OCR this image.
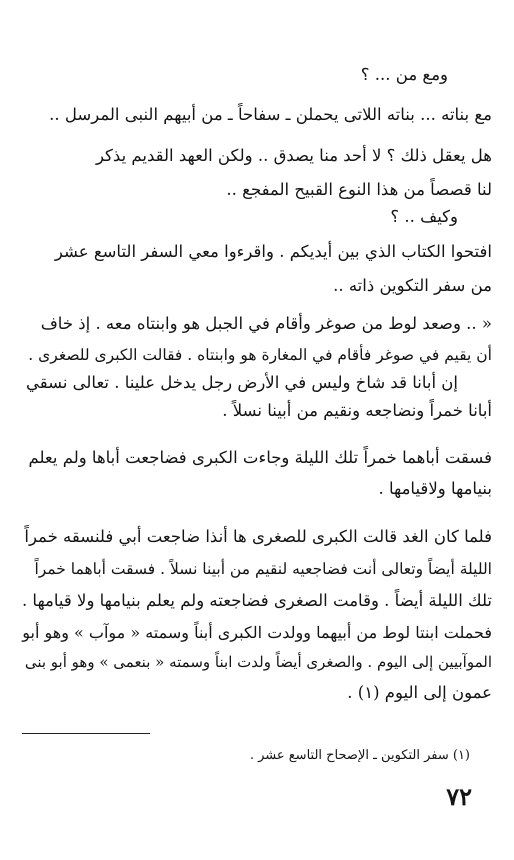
ومع من ... ؟
مع بناته ... بناته اللاتى يحملن ـ سفاحاً ـ من أبيهم النبى المرسل ..
هل يعقل ذلك ؟ لا أحد منا يصدق .. ولكن العهد القديم يذكر
لنا قصصاً من هذا النوع القبيح المفجع ..
وكيف .. ؟
افتحوا الكتاب الذي بين أيديكم . واقرءوا معي السفر التاسع عشر
من سفر التكوين ذاته ..
« .. وصعد لوط من صوغر وأقام في الجبل هو وابنتاه معه . إذ خاف
أن يقيم في صوغر فأقام في المغارة هو وابنتاه . فقالت الكبرى للصغرى .
إن أبانا قد شاخ وليس في الأرض رجل يدخل علينا . تعالى نسقي
أبانا خمراً ونضاجعه ونقيم من أبينا نسلاً .
فسقت أباهما خمراً تلك الليلة وجاءت الكبرى فضاجعت أباها ولم يعلم
بنيامها ولاقيامها .
فلما كان الغد قالت الكبرى للصغرى ها أنذا ضاجعت أبي فلنسقه خمراً
الليلة أيضاً وتعالى أنت فضاجعيه لنقيم من أبينا نسلاً . فسقت أباهما خمراً
تلك الليلة أيضاً . وقامت الصغرى فضاجعته ولم يعلم بنيامها ولا قيامها .
فحملت ابنتا لوط من أبيهما وولدت الكبرى أبناً وسمته « موآب » وهو أبو
الموآبيين إلى اليوم . والصغرى أيضاً ولدت ابناً وسمته « بنعمى » وهو أبو بنى
عمون إلى اليوم (١) .
(١) سفر التكوين ـ الإصحاح التاسع عشر .
٧٢
